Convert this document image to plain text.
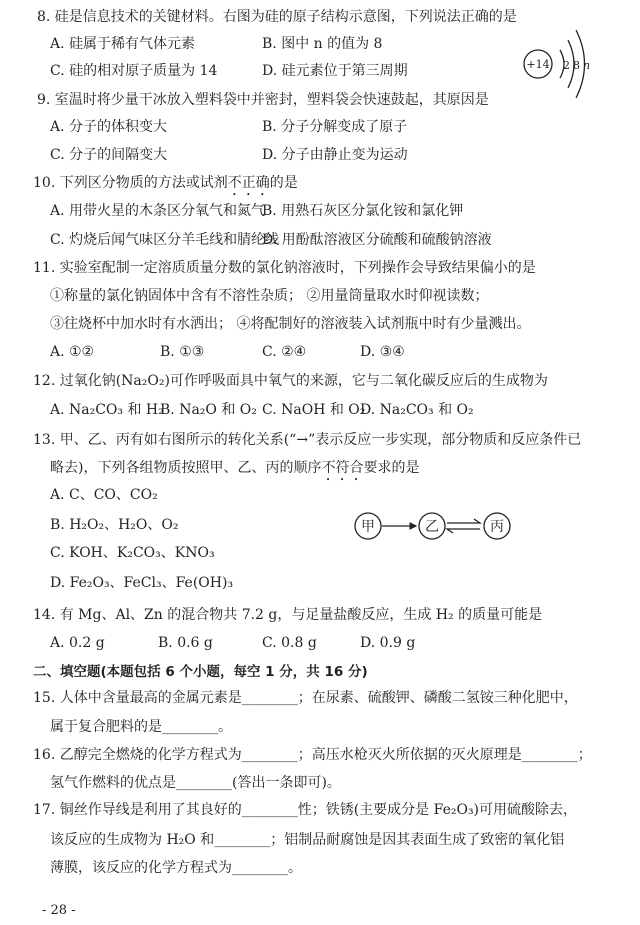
8. 硅是信息技术的关键材料。右图为硅的原子结构示意图，下列说法正确的是
A. 硅属于稀有气体元素	B. 图中 n 的值为 8
C. 硅的相对原子质量为 14	D. 硅元素位于第三周期	+14 2 8 n
9. 室温时将少量干冰放入塑料袋中并密封，塑料袋会快速鼓起，其原因是
A. 分子的体积变大	B. 分子分解变成了原子
C. 分子的间隔变大	D. 分子由静止变为运动
10. 下列区分物质的方法或试剂不正确的是
A. 用带火星的木条区分氧气和氮气
B. 用熟石灰区分氯化铵和氯化钾
C. 灼烧后闻气味区分羊毛线和腈纶线
D. 用酚酞溶液区分硫酸和硫酸钠溶液
11. 实验室配制一定溶质质量分数的氯化钠溶液时，下列操作会导致结果偏小的是
①称量的氯化钠固体中含有不溶性杂质； ②用量筒量取水时仰视读数；
③往烧杯中加水时有水洒出； ④将配制好的溶液装入试剂瓶中时有少量溅出。
A. ①②	B. ①③	C. ②④	D. ③④
12. 过氧化钠(Na₂O₂)可作呼吸面具中氧气的来源，它与二氧化碳反应后的生成物为
A. Na₂CO₃ 和 H₂
B. Na₂O 和 O₂ C. NaOH 和 O₂
D. Na₂CO₃ 和 O₂
13. 甲、乙、丙有如右图所示的转化关系(“→”表示反应一步实现，部分物质和反应条件已
略去)，下列各组物质按照甲、乙、丙的顺序不符合要求的是
A. C、CO、CO₂
B. H₂O₂、H₂O、O₂
C. KOH、K₂CO₃、KNO₃
D. Fe₂O₃、FeCl₃、Fe(OH)₃
甲	乙	丙
14. 有 Mg、Al、Zn 的混合物共 7.2 g，与足量盐酸反应，生成 H₂ 的质量可能是
A. 0.2 g	B. 0.6 g	C. 0.8 g	D. 0.9 g
二、填空题(本题包括 6 个小题，每空 1 分，共 16 分)
15. 人体中含量最高的金属元素是________；在尿素、硫酸钾、磷酸二氢铵三种化肥中，
属于复合肥料的是________。
16. 乙醇完全燃烧的化学方程式为________；高压水枪灭火所依据的灭火原理是________；
氢气作燃料的优点是________(答出一条即可)。
17. 铜丝作导线是利用了其良好的________性；铁锈(主要成分是 Fe₂O₃)可用硫酸除去，
该反应的生成物为 H₂O 和________；铝制品耐腐蚀是因其表面生成了致密的氧化铝
薄膜，该反应的化学方程式为________。
- 28 -
